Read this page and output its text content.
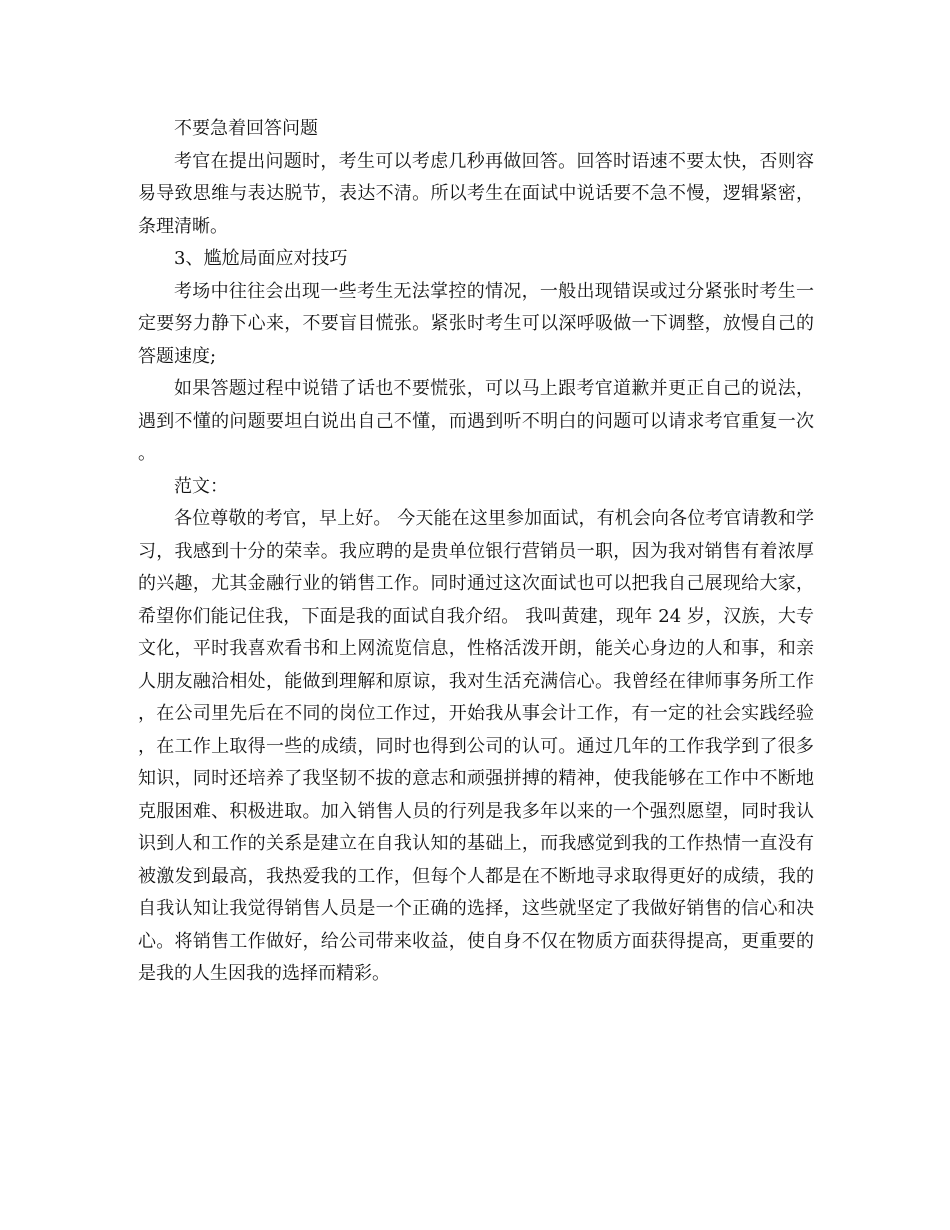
不要急着回答问题

考官在提出问题时，考生可以考虑几秒再做回答。回答时语速不要太快，否则容易导致思维与表达脱节，表达不清。所以考生在面试中说话要不急不慢，逻辑紧密，条理清晰。

3、尴尬局面应对技巧

考场中往往会出现一些考生无法掌控的情况，一般出现错误或过分紧张时考生一定要努力静下心来，不要盲目慌张。紧张时考生可以深呼吸做一下调整，放慢自己的答题速度;

如果答题过程中说错了话也不要慌张，可以马上跟考官道歉并更正自己的说法，遇到不懂的问题要坦白说出自己不懂，而遇到听不明白的问题可以请求考官重复一次。

范文：

各位尊敬的考官，早上好。 今天能在这里参加面试，有机会向各位考官请教和学习，我感到十分的荣幸。我应聘的是贵单位银行营销员一职，因为我对销售有着浓厚的兴趣，尤其金融行业的销售工作。同时通过这次面试也可以把我自己展现给大家，希望你们能记住我，下面是我的面试自我介绍。 我叫黄建，现年 24 岁，汉族，大专文化，平时我喜欢看书和上网流览信息，性格活泼开朗，能关心身边的人和事，和亲人朋友融洽相处，能做到理解和原谅，我对生活充满信心。我曾经在律师事务所工作，在公司里先后在不同的岗位工作过，开始我从事会计工作，有一定的社会实践经验，在工作上取得一些的成绩，同时也得到公司的认可。通过几年的工作我学到了很多知识，同时还培养了我坚韧不拔的意志和顽强拼搏的精神，使我能够在工作中不断地克服困难、积极进取。加入销售人员的行列是我多年以来的一个强烈愿望，同时我认识到人和工作的关系是建立在自我认知的基础上，而我感觉到我的工作热情一直没有被激发到最高，我热爱我的工作，但每个人都是在不断地寻求取得更好的成绩，我的自我认知让我觉得销售人员是一个正确的选择，这些就坚定了我做好销售的信心和决心。将销售工作做好，给公司带来收益，使自身不仅在物质方面获得提高，更重要的是我的人生因我的选择而精彩。
